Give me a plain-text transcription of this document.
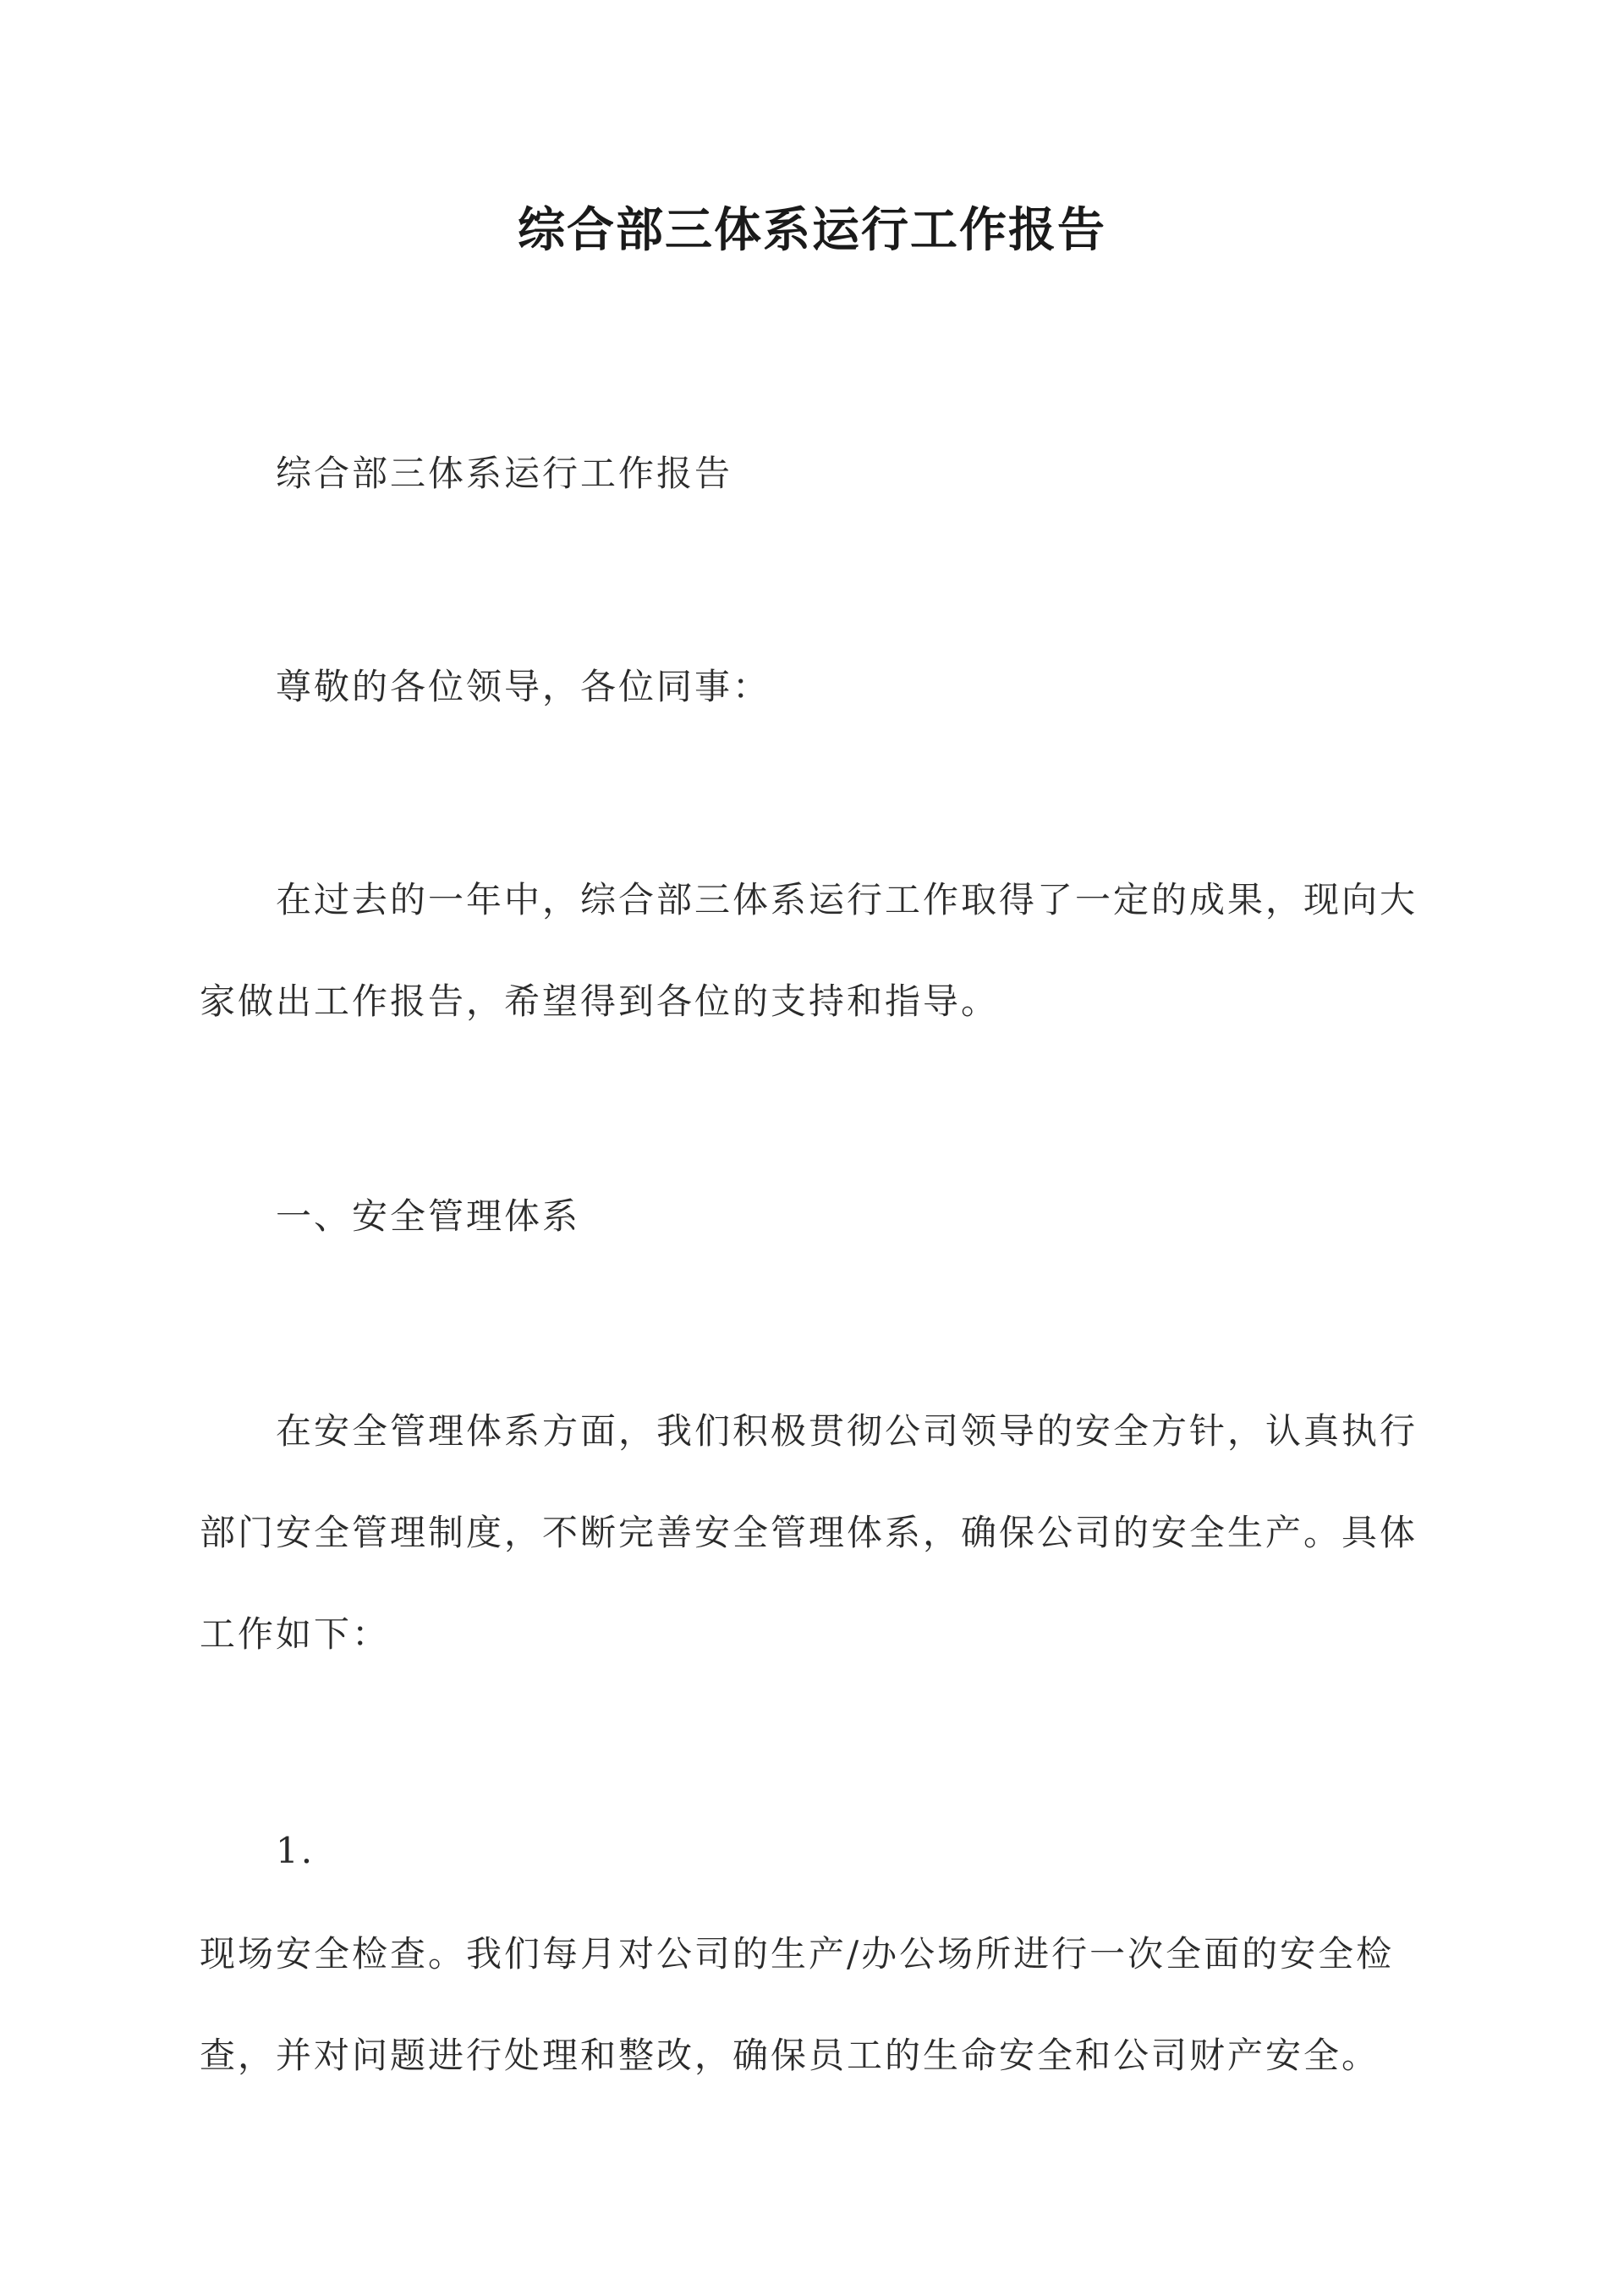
综合部三体系运行工作报告

综合部三体系运行工作报告

尊敬的各位领导，各位同事：

在过去的一年中，综合部三体系运行工作取得了一定的成果，现向大家做出工作报告，希望得到各位的支持和指导。

一、安全管理体系

在安全管理体系方面，我们积极贯彻公司领导的安全方针，认真执行部门安全管理制度，不断完善安全管理体系，确保公司的安全生产。具体工作如下：

1.

现场安全检查。我们每月对公司的生产/办公场所进行一次全面的安全检查，并对问题进行处理和整改，确保员工的生命安全和公司财产安全。
